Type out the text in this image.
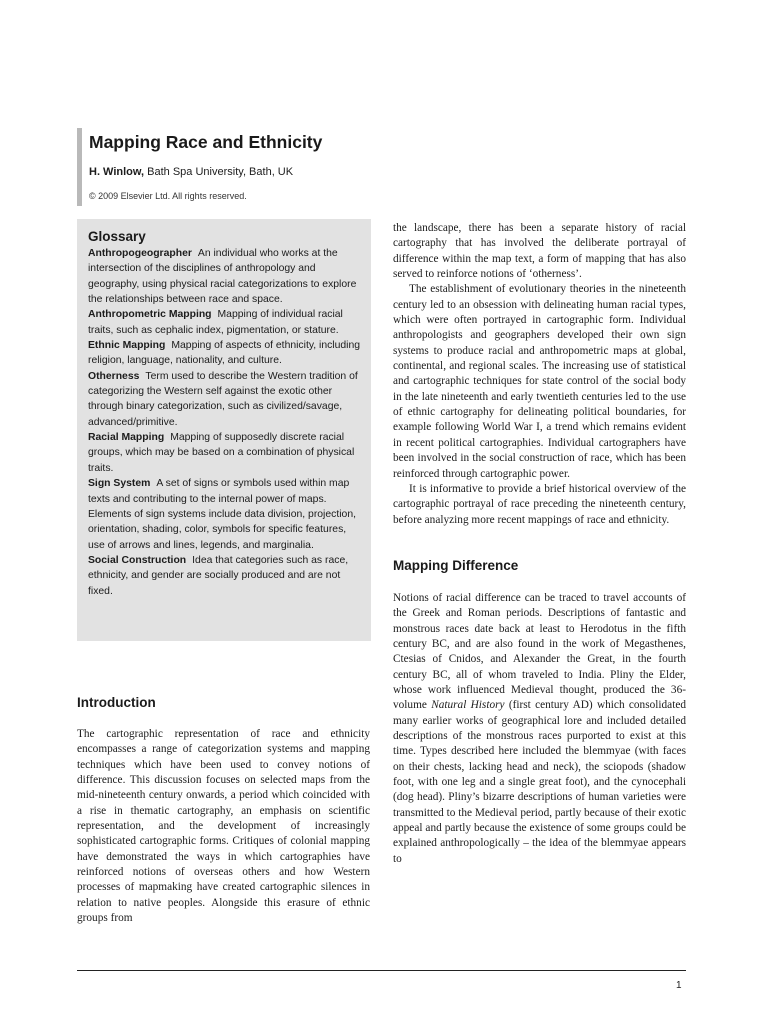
Mapping Race and Ethnicity
H. Winlow, Bath Spa University, Bath, UK
© 2009 Elsevier Ltd. All rights reserved.
Glossary

Anthropogeographer An individual who works at the intersection of the disciplines of anthropology and geography, using physical racial categorizations to explore the relationships between race and space.

Anthropometric Mapping Mapping of individual racial traits, such as cephalic index, pigmentation, or stature.

Ethnic Mapping Mapping of aspects of ethnicity, including religion, language, nationality, and culture.

Otherness Term used to describe the Western tradition of categorizing the Western self against the exotic other through binary categorization, such as civilized/savage, advanced/primitive.

Racial Mapping Mapping of supposedly discrete racial groups, which may be based on a combination of physical traits.

Sign System A set of signs or symbols used within map texts and contributing to the internal power of maps. Elements of sign systems include data division, projection, orientation, shading, color, symbols for specific features, use of arrows and lines, legends, and marginalia.

Social Construction Idea that categories such as race, ethnicity, and gender are socially produced and are not fixed.

Introduction

The cartographic representation of race and ethnicity encompasses a range of categorization systems and mapping techniques which have been used to convey notions of difference. This discussion focuses on selected maps from the mid-nineteenth century onwards, a period which coincided with a rise in thematic cartography, an emphasis on scientific representation, and the development of increasingly sophisticated cartographic forms. Critiques of colonial mapping have demonstrated the ways in which cartographies have reinforced notions of overseas others and how Western processes of mapmaking have created cartographic silences in relation to native peoples. Alongside this erasure of ethnic groups from

the landscape, there has been a separate history of racial cartography that has involved the deliberate portrayal of difference within the map text, a form of mapping that has also served to reinforce notions of ‘otherness’.

The establishment of evolutionary theories in the nineteenth century led to an obsession with delineating human racial types, which were often portrayed in cartographic form. Individual anthropologists and geographers developed their own sign systems to produce racial and anthropometric maps at global, continental, and regional scales. The increasing use of statistical and cartographic techniques for state control of the social body in the late nineteenth and early twentieth centuries led to the use of ethnic cartography for delineating political boundaries, for example following World War I, a trend which remains evident in recent political cartographies. Individual cartographers have been involved in the social construction of race, which has been reinforced through cartographic power.

It is informative to provide a brief historical overview of the cartographic portrayal of race preceding the nineteenth century, before analyzing more recent mappings of race and ethnicity.

Mapping Difference

Notions of racial difference can be traced to travel accounts of the Greek and Roman periods. Descriptions of fantastic and monstrous races date back at least to Herodotus in the fifth century BC, and are also found in the work of Megasthenes, Ctesias of Cnidos, and Alexander the Great, in the fourth century BC, all of whom traveled to India. Pliny the Elder, whose work influenced Medieval thought, produced the 36-volume Natural History (first century AD) which consolidated many earlier works of geographical lore and included detailed descriptions of the monstrous races purported to exist at this time. Types described here included the blemmyae (with faces on their chests, lacking head and neck), the sciopods (shadow foot, with one leg and a single great foot), and the cynocephali (dog head). Pliny’s bizarre descriptions of human varieties were transmitted to the Medieval period, partly because of their exotic appeal and partly because the existence of some groups could be explained anthropologically – the idea of the blemmyae appears to

1
